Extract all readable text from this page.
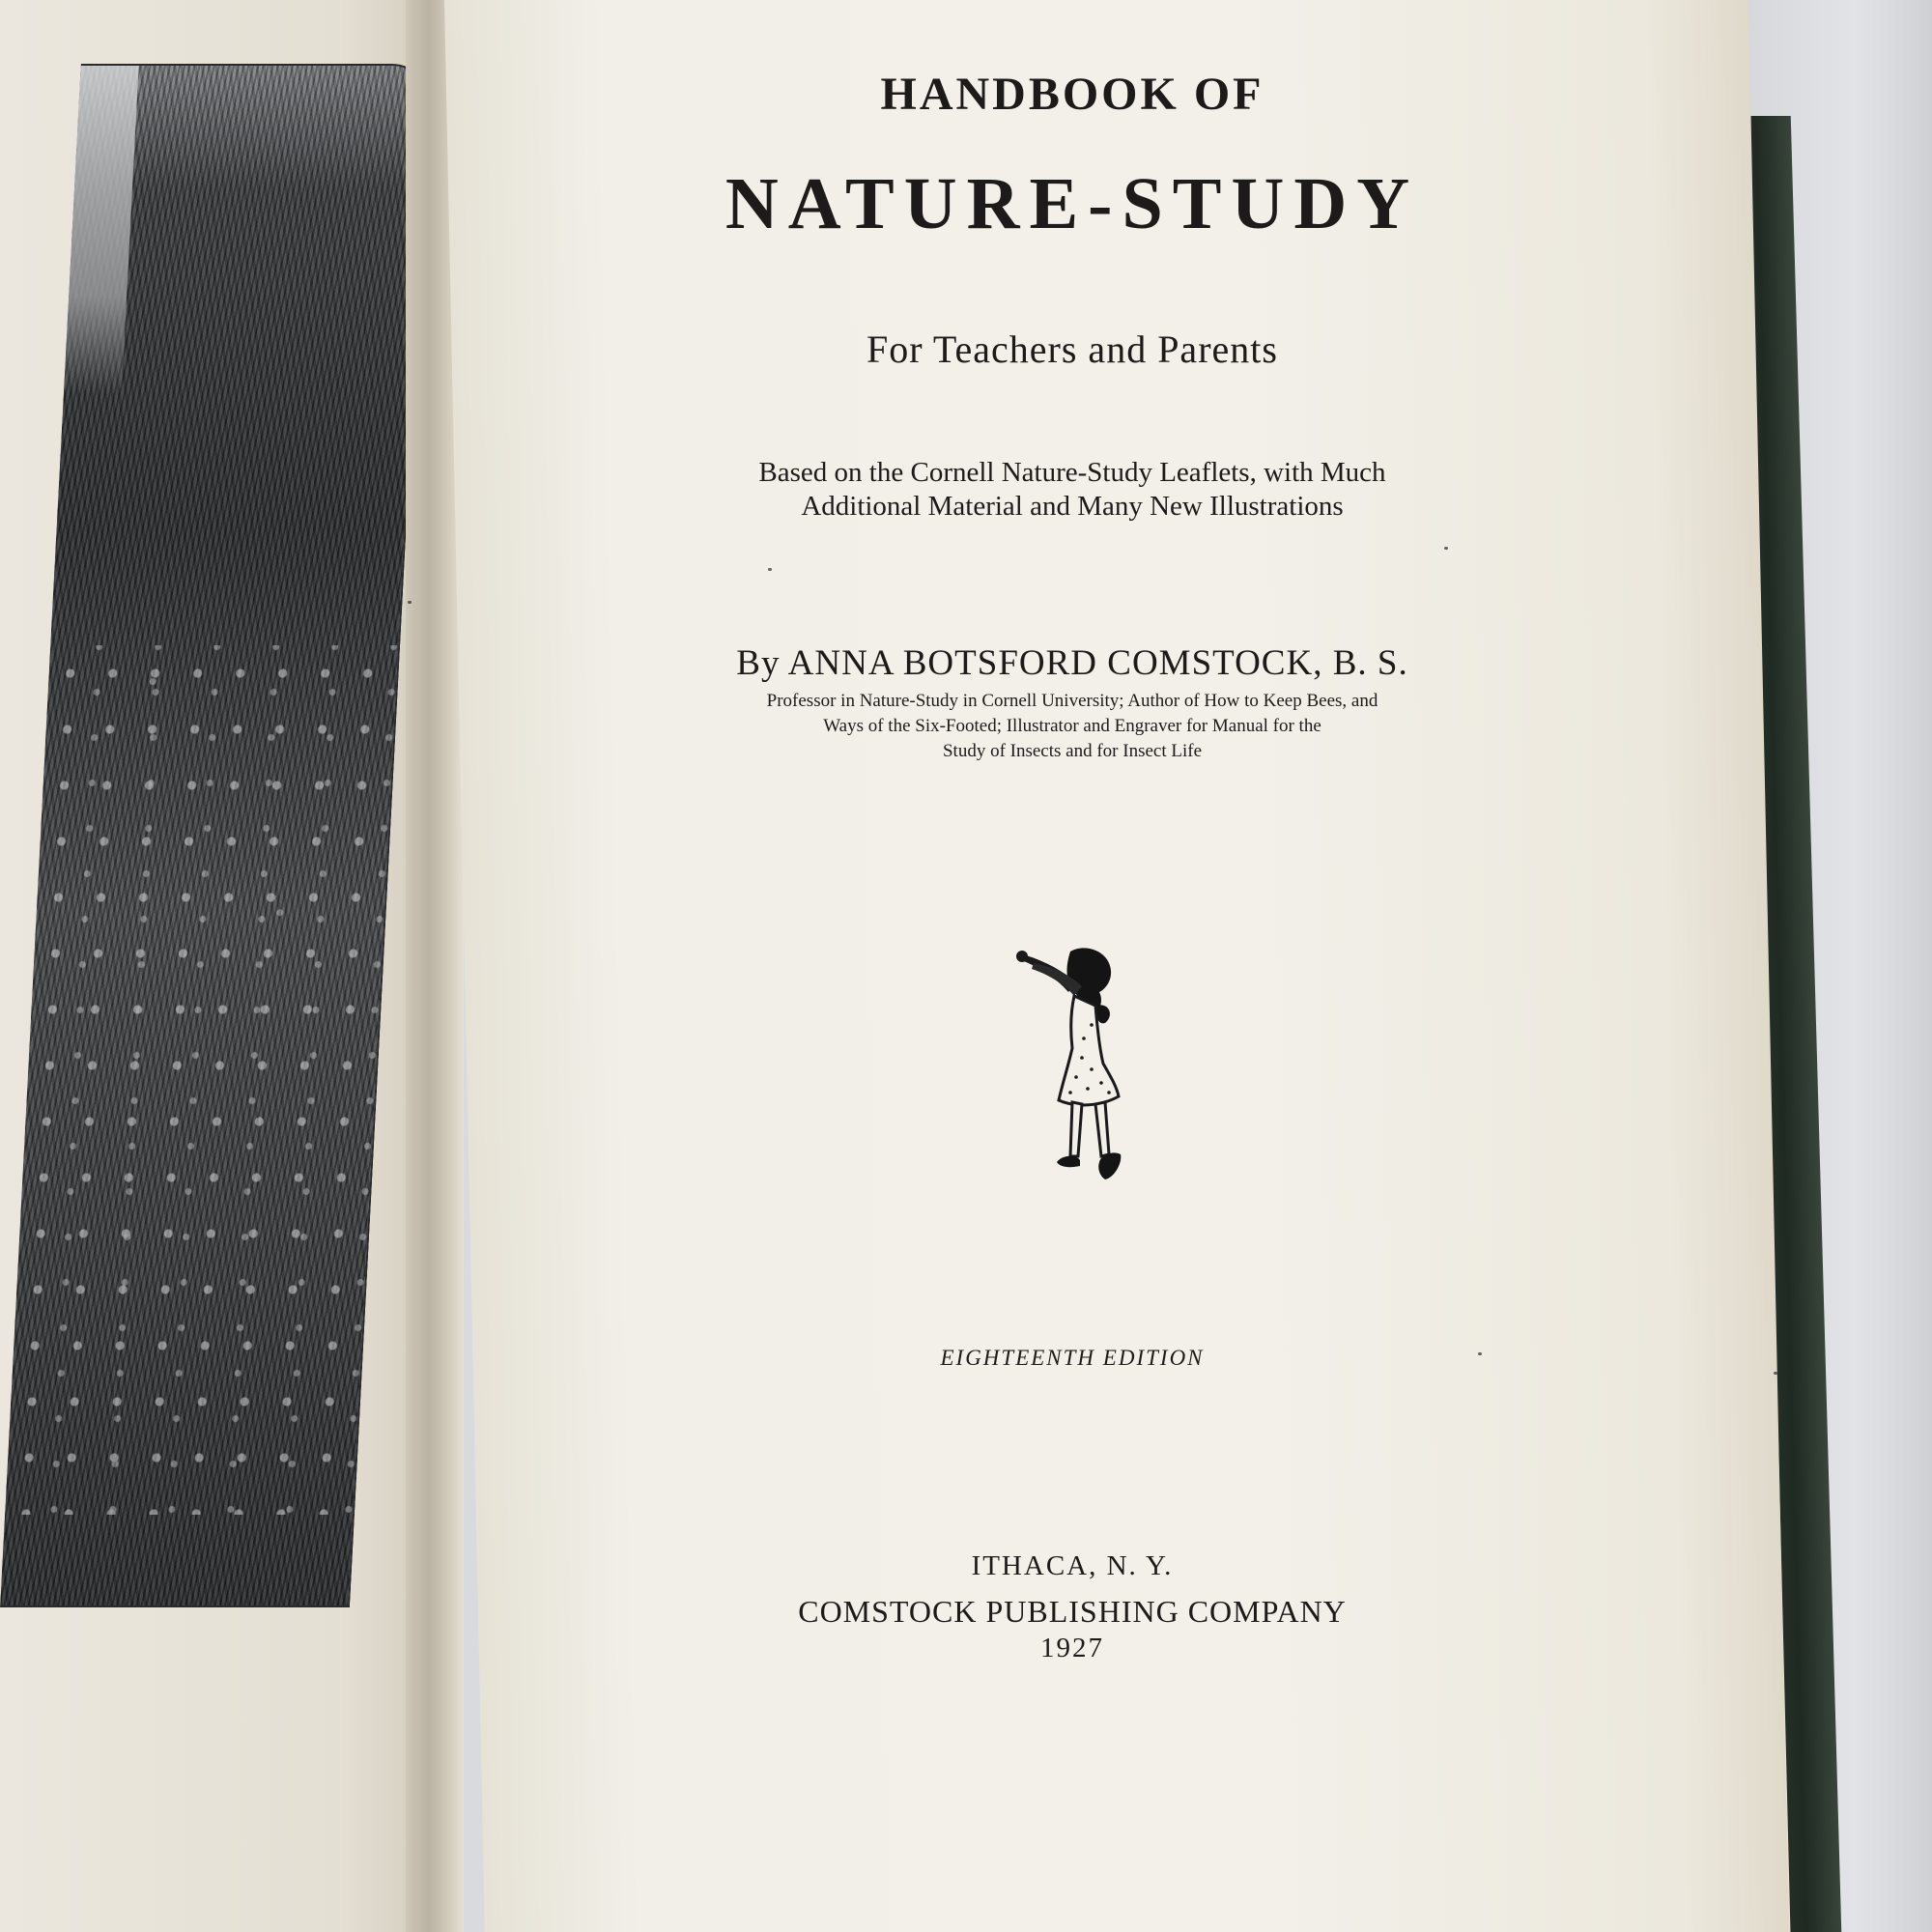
HANDBOOK OF
NATURE-STUDY
For Teachers and Parents
Based on the Cornell Nature-Study Leaflets, with Much
Additional Material and Many New Illustrations
By ANNA BOTSFORD COMSTOCK, B. S.
Professor in Nature-Study in Cornell University; Author of How to Keep Bees, and
Ways of the Six-Footed; Illustrator and Engraver for Manual for the
Study of Insects and for Insect Life
EIGHTEENTH EDITION
ITHACA, N. Y.
COMSTOCK PUBLISHING COMPANY
1927
